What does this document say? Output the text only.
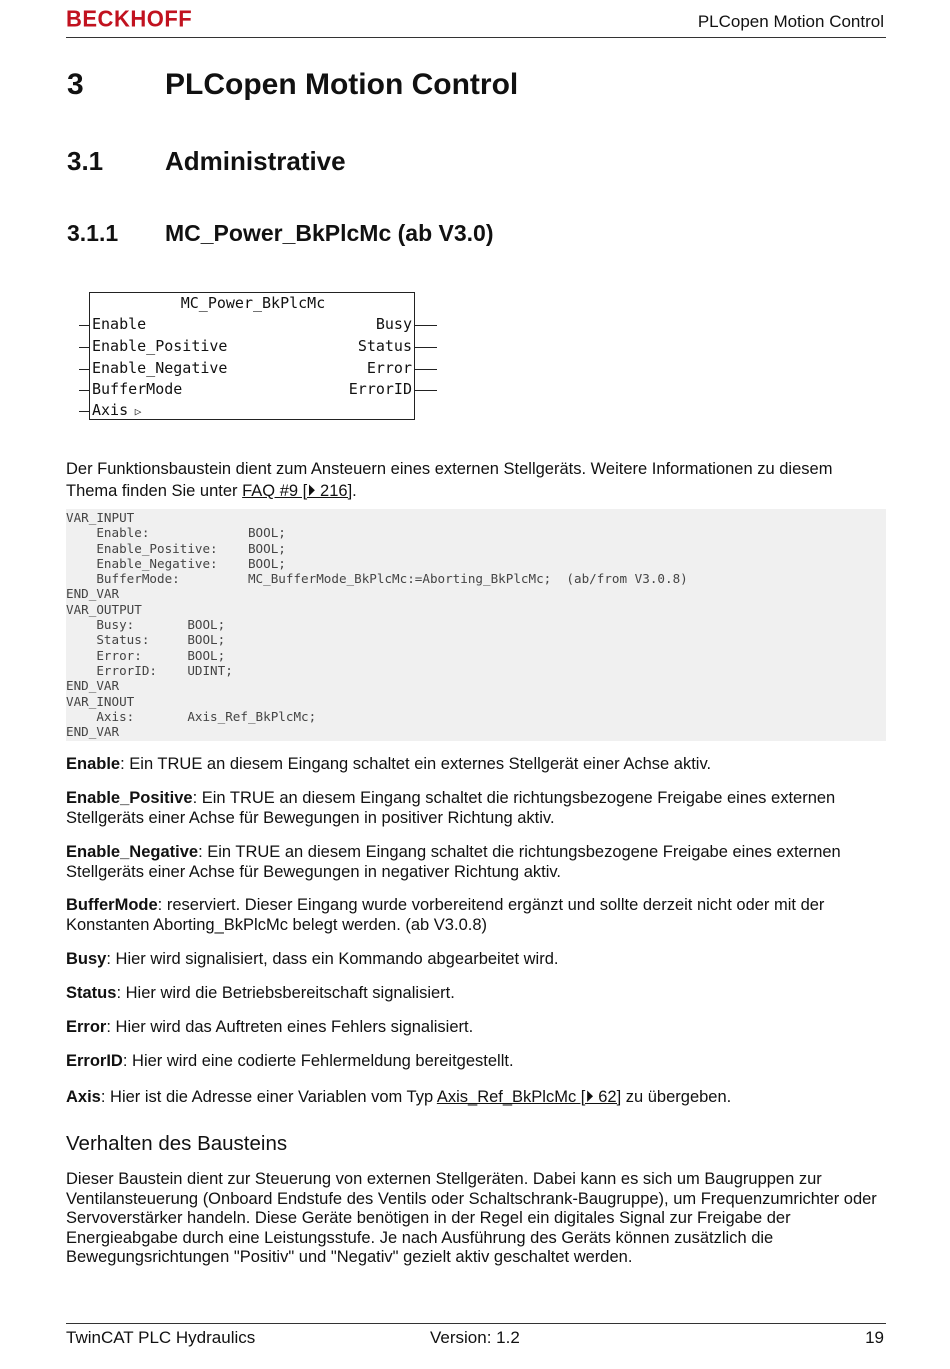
BECKHOFF	PLCopen Motion Control
3	PLCopen Motion Control
3.1 Administrative
3.1.1 MC_Power_BkPlcMc (ab V3.0)
MC_Power_BkPlcMc
Enable
Enable_Positive
Enable_Negative
BufferMode
Axis ▷
Busy
Status
Error
ErrorID

Der Funktionsbaustein dient zum Ansteuern eines externen Stellgeräts. Weitere Informationen zu diesem Thema finden Sie unter FAQ #9 [⏵ 216].

VAR_INPUT
Enable:             BOOL;
Enable_Positive:    BOOL;
Enable_Negative:    BOOL;
BufferMode:         MC_BufferMode_BkPlcMc:=Aborting_BkPlcMc;  (ab/from V3.0.8)
END_VAR
VAR_OUTPUT
Busy:       BOOL;
Status:     BOOL;
Error:      BOOL;
ErrorID:    UDINT;
END_VAR
VAR_INOUT
Axis:       Axis_Ref_BkPlcMc;
END_VAR
Enable: Ein TRUE an diesem Eingang schaltet ein externes Stellgerät einer Achse aktiv.
Enable_Positive: Ein TRUE an diesem Eingang schaltet die richtungsbezogene Freigabe eines externen Stellgeräts einer Achse für Bewegungen in positiver Richtung aktiv.
Enable_Negative: Ein TRUE an diesem Eingang schaltet die richtungsbezogene Freigabe eines externen Stellgeräts einer Achse für Bewegungen in negativer Richtung aktiv.
BufferMode: reserviert. Dieser Eingang wurde vorbereitend ergänzt und sollte derzeit nicht oder mit der Konstanten Aborting_BkPlcMc belegt werden. (ab V3.0.8)
Busy: Hier wird signalisiert, dass ein Kommando abgearbeitet wird.
Status: Hier wird die Betriebsbereitschaft signalisiert.
Error: Hier wird das Auftreten eines Fehlers signalisiert.
ErrorID: Hier wird eine codierte Fehlermeldung bereitgestellt.
Axis: Hier ist die Adresse einer Variablen vom Typ Axis_Ref_BkPlcMc [⏵ 62] zu übergeben.
Verhalten des Bausteins
Dieser Baustein dient zur Steuerung von externen Stellgeräten. Dabei kann es sich um Baugruppen zur Ventilansteuerung (Onboard Endstufe des Ventils oder Schaltschrank-Baugruppe), um Frequenzumrichter oder Servoverstärker handeln. Diese Geräte benötigen in der Regel ein digitales Signal zur Freigabe der Energieabgabe durch eine Leistungsstufe. Je nach Ausführung des Geräts können zusätzlich die Bewegungsrichtungen "Positiv" und "Negativ" gezielt aktiv geschaltet werden.
TwinCAT PLC Hydraulics	Version: 1.2	19
